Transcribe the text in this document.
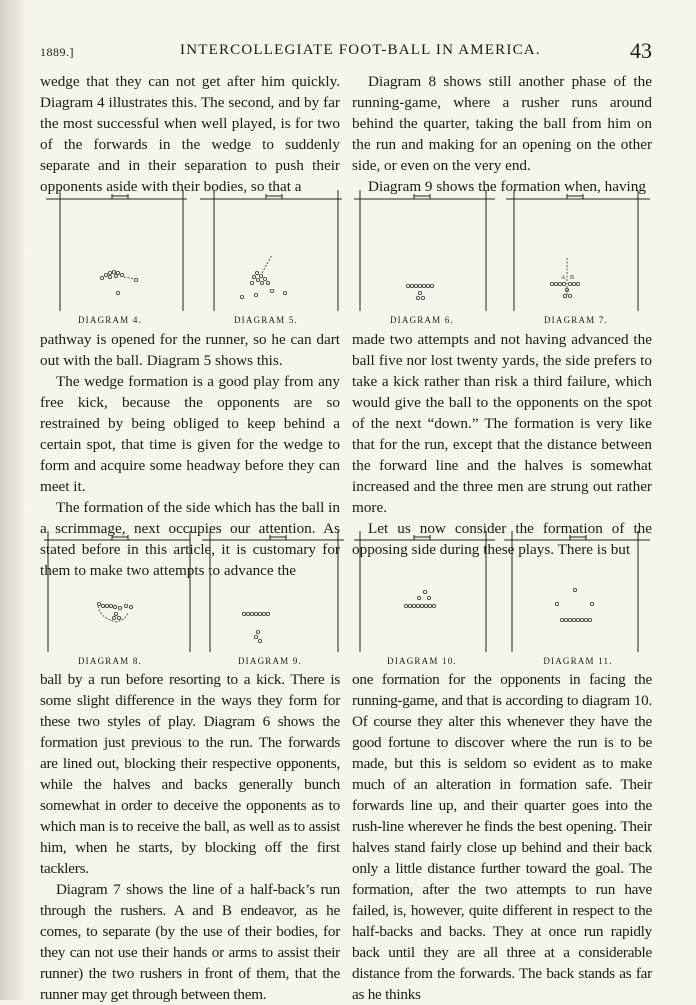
1889.]	INTERCOLLEGIATE FOOT-BALL IN AMERICA.	43

wedge that they can not get after him quickly. Diagram 4 illustrates this. The second, and by far the most successful when well played, is for two of the forwards in the wedge to suddenly separate and in their separation to push their opponents aside with their bodies, so that a

Diagram 8 shows still another phase of the running-game, where a rusher runs around behind the quarter, taking the ball from him on the run and making for an opening on the other side, or even on the very end.

Diagram 9 shows the formation when, having

A B
DIAGRAM 4.	DIAGRAM 5.	DIAGRAM 6.	DIAGRAM 7.

pathway is opened for the runner, so he can dart out with the ball. Diagram 5 shows this.

The wedge formation is a good play from any free kick, because the opponents are so restrained by being obliged to keep behind a certain spot, that time is given for the wedge to form and acquire some headway before they can meet it.

The formation of the side which has the ball in a scrimmage, next occupies our attention. As stated before in this article, it is customary for them to make two attempts to advance the

made two attempts and not having advanced the ball five nor lost twenty yards, the side prefers to take a kick rather than risk a third failure, which would give the ball to the opponents on the spot of the next “down.” The formation is very like that for the run, except that the distance between the forward line and the halves is somewhat increased and the three men are strung out rather more.

Let us now consider the formation of the opposing side during these plays. There is but

DIAGRAM 8.	DIAGRAM 9.	DIAGRAM 10.	DIAGRAM 11.

ball by a run before resorting to a kick. There is some slight difference in the ways they form for these two styles of play. Diagram 6 shows the formation just previous to the run. The forwards are lined out, blocking their respective opponents, while the halves and backs generally bunch somewhat in order to deceive the opponents as to which man is to receive the ball, as well as to assist him, when he starts, by blocking off the first tacklers.

Diagram 7 shows the line of a half-back’s run through the rushers. A and B endeavor, as he comes, to separate (by the use of their bodies, for they can not use their hands or arms to assist their runner) the two rushers in front of them, that the runner may get through between them.

one formation for the opponents in facing the running-game, and that is according to diagram 10. Of course they alter this whenever they have the good fortune to discover where the run is to be made, but this is seldom so evident as to make much of an alteration in formation safe. Their forwards line up, and their quarter goes into the rush-line wherever he finds the best opening. Their halves stand fairly close up behind and their back only a little distance further toward the goal. The formation, after the two attempts to run have failed, is, however, quite different in respect to the half-backs and backs. They at once run rapidly back until they are all three at a considerable distance from the forwards. The back stands as far as he thinks
